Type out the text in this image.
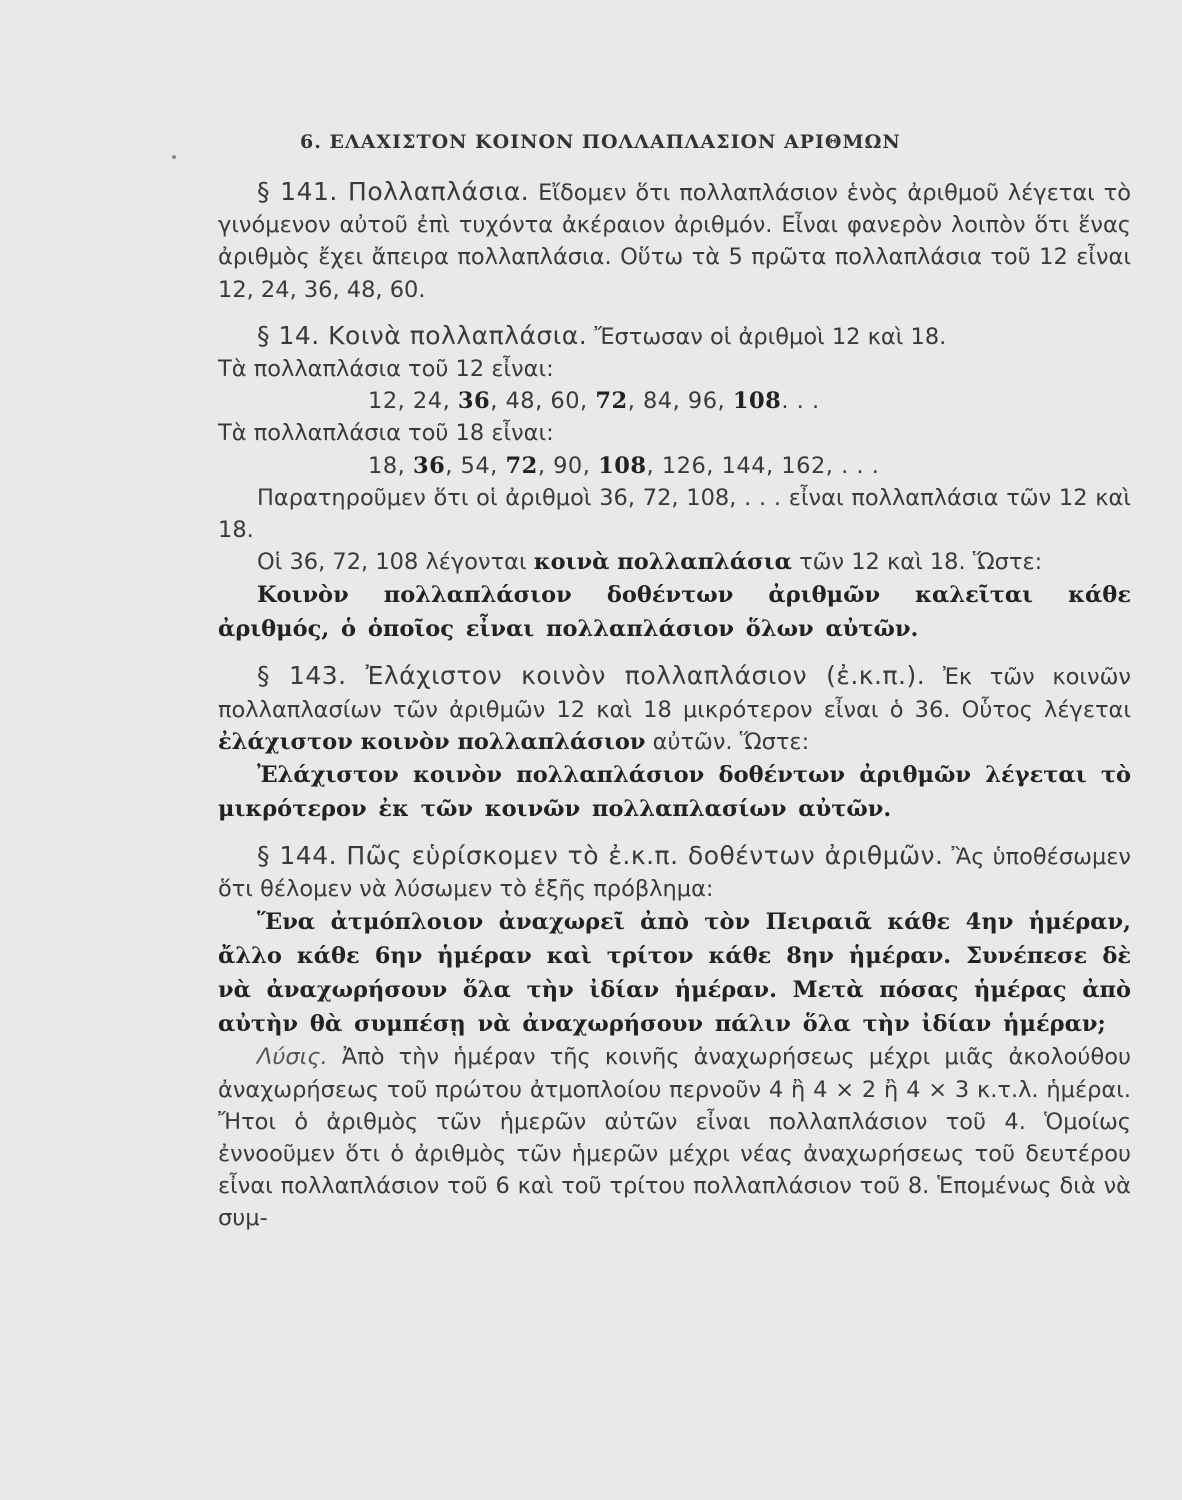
6. ΕΛΑΧΙΣΤΟΝ ΚΟΙΝΟΝ ΠΟΛΛΑΠΛΑΣΙΟΝ ΑΡΙΘΜΩΝ

§ 141. Πολλαπλάσια. Εἴδομεν ὅτι πολλαπλάσιον ἑνὸς ἀριθμοῦ λέγεται τὸ γινόμενον αὐτοῦ ἐπὶ τυχόντα ἀκέραιον ἀριθμόν. Εἶναι φανερὸν λοιπὸν ὅτι ἕνας ἀριθμὸς ἔχει ἄπειρα πολλαπλάσια. Οὕτω τὰ 5 πρῶτα πολλαπλάσια τοῦ 12 εἶναι 12, 24, 36, 48, 60.

§ 14. Κοινὰ πολλαπλάσια. Ἔστωσαν οἱ ἀριθμοὶ 12 καὶ 18.

Τὰ πολλαπλάσια τοῦ 12 εἶναι:

12, 24, 36, 48, 60, 72, 84, 96, 108. . .

Τὰ πολλαπλάσια τοῦ 18 εἶναι:

18, 36, 54, 72, 90, 108, 126, 144, 162, . . .

Παρατηροῦμεν ὅτι οἱ ἀριθμοὶ 36, 72, 108, . . . εἶναι πολλαπλάσια τῶν 12 καὶ 18.

Οἱ 36, 72, 108 λέγονται κοινὰ πολλαπλάσια τῶν 12 καὶ 18. Ὥστε:

Κοινὸν πολλαπλάσιον δοθέντων ἀριθμῶν καλεῖται κάθε ἀριθμός, ὁ ὁποῖος εἶναι πολλαπλάσιον ὅλων αὐτῶν.

§ 143. Ἐλάχιστον κοινὸν πολλαπλάσιον (ἐ.κ.π.). Ἐκ τῶν κοινῶν πολλαπλασίων τῶν ἀριθμῶν 12 καὶ 18 μικρότερον εἶναι ὁ 36. Οὗτος λέγεται ἐλάχιστον κοινὸν πολλαπλάσιον αὐτῶν. Ὥστε:

Ἐλάχιστον κοινὸν πολλαπλάσιον δοθέντων ἀριθμῶν λέγεται τὸ μικρότερον ἐκ τῶν κοινῶν πολλαπλασίων αὐτῶν.

§ 144. Πῶς εὑρίσκομεν τὸ ἐ.κ.π. δοθέντων ἀριθμῶν. Ἂς ὑποθέσωμεν ὅτι θέλομεν νὰ λύσωμεν τὸ ἑξῆς πρόβλημα:

Ἕνα ἀτμόπλοιον ἀναχωρεῖ ἀπὸ τὸν Πειραιᾶ κάθε 4ην ἡμέραν, ἄλλο κάθε 6ην ἡμέραν καὶ τρίτον κάθε 8ην ἡμέραν. Συνέπεσε δὲ νὰ ἀναχωρήσουν ὅλα τὴν ἰδίαν ἡμέραν. Μετὰ πόσας ἡμέρας ἀπὸ αὐτὴν θὰ συμπέσῃ νὰ ἀναχωρήσουν πάλιν ὅλα τὴν ἰδίαν ἡμέραν;

Λύσις. Ἀπὸ τὴν ἡμέραν τῆς κοινῆς ἀναχωρήσεως μέχρι μιᾶς ἀκολούθου ἀναχωρήσεως τοῦ πρώτου ἀτμοπλοίου περνοῦν 4 ἢ 4 × 2 ἢ 4 × 3 κ.τ.λ. ἡμέραι. Ἤτοι ὁ ἀριθμὸς τῶν ἡμερῶν αὐτῶν εἶναι πολλαπλάσιον τοῦ 4. Ὁμοίως ἐννοοῦμεν ὅτι ὁ ἀριθμὸς τῶν ἡμερῶν μέχρι νέας ἀναχωρήσεως τοῦ δευτέρου εἶναι πολλαπλάσιον τοῦ 6 καὶ τοῦ τρίτου πολλαπλάσιον τοῦ 8. Ἑπομένως διὰ νὰ συμ-
